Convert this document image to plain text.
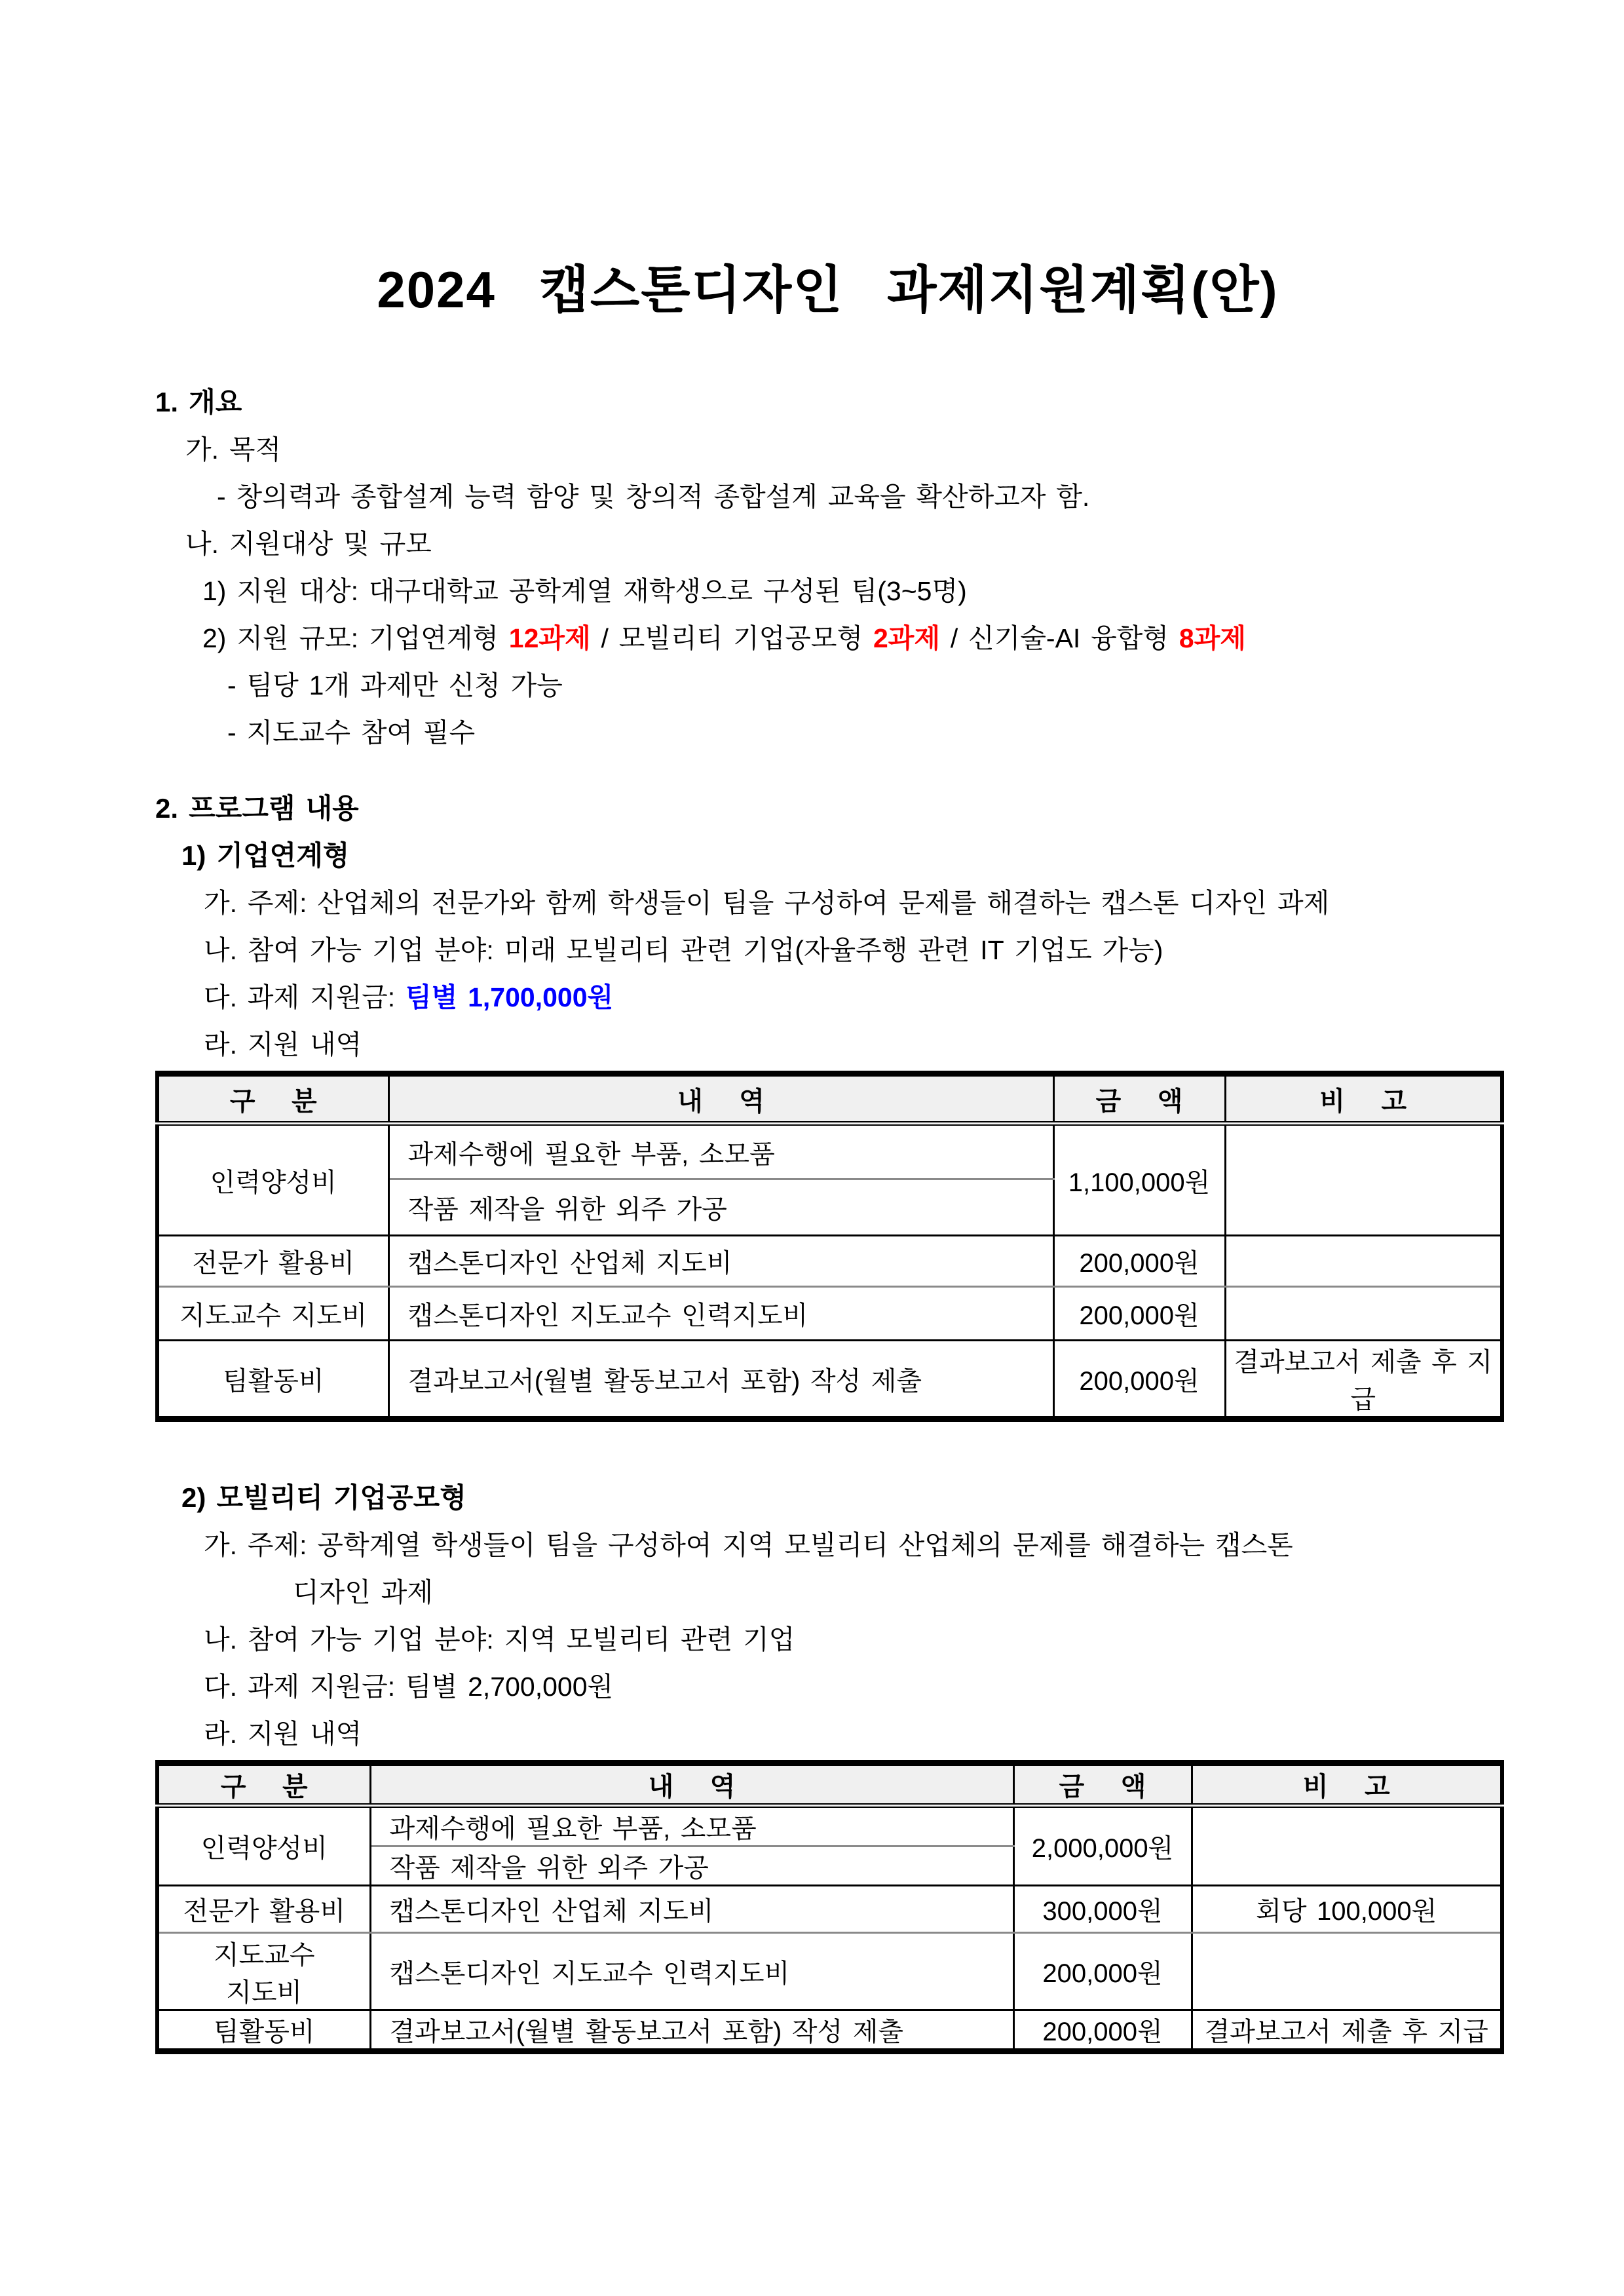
2024 캡스톤디자인 과제지원계획(안)
1. 개요
가. 목적
- 창의력과 종합설계 능력 함양 및 창의적 종합설계 교육을 확산하고자 함.
나. 지원대상 및 규모
1) 지원 대상: 대구대학교 공학계열 재학생으로 구성된 팀(3~5명)
2) 지원 규모: 기업연계형 12과제 / 모빌리티 기업공모형 2과제 / 신기술-AI 융합형 8과제
- 팀당 1개 과제만 신청 가능
- 지도교수 참여 필수
2. 프로그램 내용
1) 기업연계형
가. 주제: 산업체의 전문가와 함께 학생들이 팀을 구성하여 문제를 해결하는 캡스톤 디자인 과제
나. 참여 가능 기업 분야: 미래 모빌리티 관련 기업(자율주행 관련 IT 기업도 가능)
다. 과제 지원금: 팀별 1,700,000원
라. 지원 내역
구　 분	내　 역	금　 액	비　 고
인력양성비	과제수행에 필요한 부품, 소모품	1,100,000원	
	작품 제작을 위한 외주 가공		
전문가 활용비	캡스톤디자인 산업체 지도비	200,000원	
지도교수 지도비	캡스톤디자인 지도교수 인력지도비	200,000원	
팀활동비	결과보고서(월별 활동보고서 포함) 작성 제출	200,000원	결과보고서 제출 후 지급
2) 모빌리티 기업공모형
가. 주제: 공학계열 학생들이 팀을 구성하여 지역 모빌리티 산업체의 문제를 해결하는 캡스톤
디자인 과제
나. 참여 가능 기업 분야: 지역 모빌리티 관련 기업
다. 과제 지원금: 팀별 2,700,000원
라. 지원 내역
구　 분	내　 역	금　 액	비　 고
인력양성비	과제수행에 필요한 부품, 소모품	2,000,000원	
	작품 제작을 위한 외주 가공		
전문가 활용비	캡스톤디자인 산업체 지도비	300,000원	회당 100,000원

지도교수
지도비	캡스톤디자인 지도교수 인력지도비	200,000원	
팀활동비	결과보고서(월별 활동보고서 포함) 작성 제출	200,000원	결과보고서 제출 후 지급
